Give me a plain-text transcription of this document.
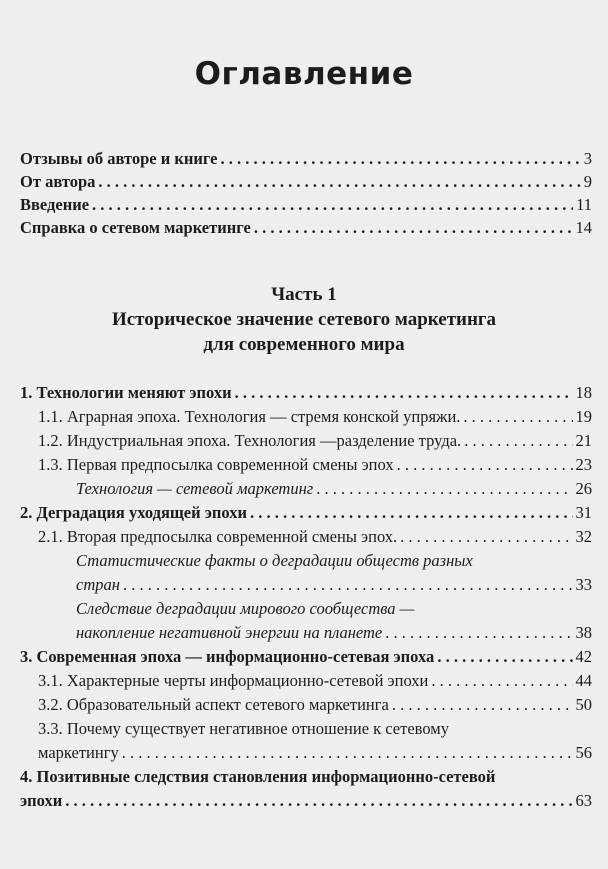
Оглавление
Отзывы об авторе и книге . . .	3
От автора . . .	9
Введение . . .	11
Справка о сетевом маркетинге . . .	14
Часть 1
Историческое значение сетевого маркетинга
для современного мира
1. Технологии меняют эпохи . . .	18
1.1. Аграрная эпоха. Технология — стремя конской упряжи. . . .	19
1.2. Индустриальная эпоха. Технология —разделение труда. . . .	21
1.3. Первая предпосылка современной смены эпох . . .	23
Технология — сетевой маркетинг . . .	26
2. Деградация уходящей эпохи . . .	31
2.1. Вторая предпосылка современной смены эпох. . . .	32
Статистические факты о деградации обществ разных
стран . . .	33
Следствие деградации мирового сообщества —
накопление негативной энергии на планете . . .	38
3. Современная эпоха — информационно-сетевая эпоха . . .	42
3.1. Характерные черты информационно-сетевой эпохи . . .	44
3.2. Образовательный аспект сетевого маркетинга . . .	50
3.3. Почему существует негативное отношение к сетевому
маркетингу . . .	56
4. Позитивные следствия становления информационно-сетевой
эпохи . . .	63
